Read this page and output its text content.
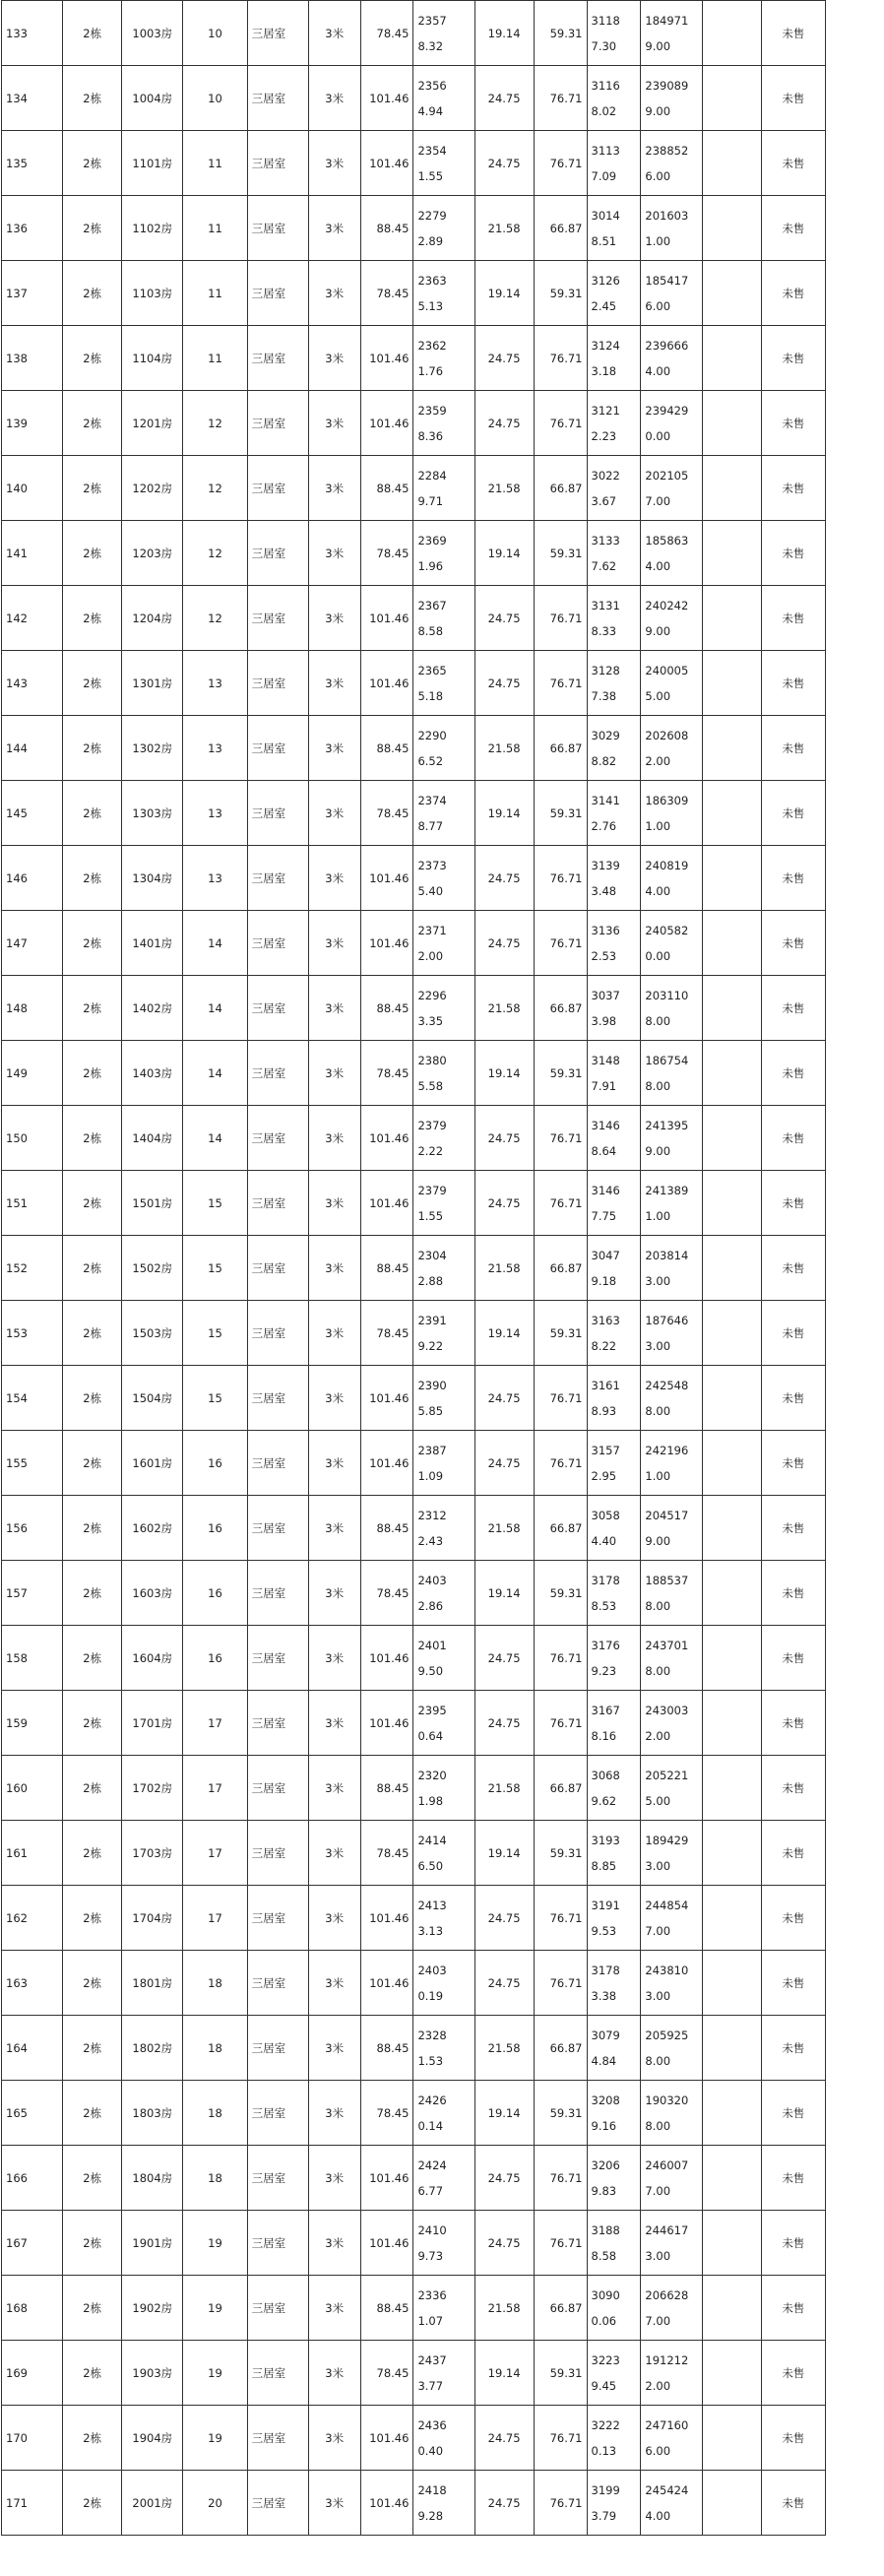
133	2栋	1003房	10	三居室	3米	78.45	23578.32	19.14	59.31	31187.30	1849719.00		未售

134	2栋	1004房	10	三居室	3米	101.46	23564.94	24.75	76.71	31168.02	2390899.00		未售

135	2栋	1101房	11	三居室	3米	101.46	23541.55	24.75	76.71	31137.09	2388526.00		未售

136	2栋	1102房	11	三居室	3米	88.45	22792.89	21.58	66.87	30148.51	2016031.00		未售

137	2栋	1103房	11	三居室	3米	78.45	23635.13	19.14	59.31	31262.45	1854176.00		未售

138	2栋	1104房	11	三居室	3米	101.46	23621.76	24.75	76.71	31243.18	2396664.00		未售

139	2栋	1201房	12	三居室	3米	101.46	23598.36	24.75	76.71	31212.23	2394290.00		未售

140	2栋	1202房	12	三居室	3米	88.45	22849.71	21.58	66.87	30223.67	2021057.00		未售

141	2栋	1203房	12	三居室	3米	78.45	23691.96	19.14	59.31	31337.62	1858634.00		未售

142	2栋	1204房	12	三居室	3米	101.46	23678.58	24.75	76.71	31318.33	2402429.00		未售

143	2栋	1301房	13	三居室	3米	101.46	23655.18	24.75	76.71	31287.38	2400055.00		未售

144	2栋	1302房	13	三居室	3米	88.45	22906.52	21.58	66.87	30298.82	2026082.00		未售

145	2栋	1303房	13	三居室	3米	78.45	23748.77	19.14	59.31	31412.76	1863091.00		未售

146	2栋	1304房	13	三居室	3米	101.46	23735.40	24.75	76.71	31393.48	2408194.00		未售

147	2栋	1401房	14	三居室	3米	101.46	23712.00	24.75	76.71	31362.53	2405820.00		未售

148	2栋	1402房	14	三居室	3米	88.45	22963.35	21.58	66.87	30373.98	2031108.00		未售

149	2栋	1403房	14	三居室	3米	78.45	23805.58	19.14	59.31	31487.91	1867548.00		未售

150	2栋	1404房	14	三居室	3米	101.46	23792.22	24.75	76.71	31468.64	2413959.00		未售

151	2栋	1501房	15	三居室	3米	101.46	23791.55	24.75	76.71	31467.75	2413891.00		未售

152	2栋	1502房	15	三居室	3米	88.45	23042.88	21.58	66.87	30479.18	2038143.00		未售

153	2栋	1503房	15	三居室	3米	78.45	23919.22	19.14	59.31	31638.22	1876463.00		未售

154	2栋	1504房	15	三居室	3米	101.46	23905.85	24.75	76.71	31618.93	2425488.00		未售

155	2栋	1601房	16	三居室	3米	101.46	23871.09	24.75	76.71	31572.95	2421961.00		未售

156	2栋	1602房	16	三居室	3米	88.45	23122.43	21.58	66.87	30584.40	2045179.00		未售

157	2栋	1603房	16	三居室	3米	78.45	24032.86	19.14	59.31	31788.53	1885378.00		未售

158	2栋	1604房	16	三居室	3米	101.46	24019.50	24.75	76.71	31769.23	2437018.00		未售

159	2栋	1701房	17	三居室	3米	101.46	23950.64	24.75	76.71	31678.16	2430032.00		未售

160	2栋	1702房	17	三居室	3米	88.45	23201.98	21.58	66.87	30689.62	2052215.00		未售

161	2栋	1703房	17	三居室	3米	78.45	24146.50	19.14	59.31	31938.85	1894293.00		未售

162	2栋	1704房	17	三居室	3米	101.46	24133.13	24.75	76.71	31919.53	2448547.00		未售

163	2栋	1801房	18	三居室	3米	101.46	24030.19	24.75	76.71	31783.38	2438103.00		未售

164	2栋	1802房	18	三居室	3米	88.45	23281.53	21.58	66.87	30794.84	2059258.00		未售

165	2栋	1803房	18	三居室	3米	78.45	24260.14	19.14	59.31	32089.16	1903208.00		未售

166	2栋	1804房	18	三居室	3米	101.46	24246.77	24.75	76.71	32069.83	2460077.00		未售

167	2栋	1901房	19	三居室	3米	101.46	24109.73	24.75	76.71	31888.58	2446173.00		未售

168	2栋	1902房	19	三居室	3米	88.45	23361.07	21.58	66.87	30900.06	2066287.00		未售

169	2栋	1903房	19	三居室	3米	78.45	24373.77	19.14	59.31	32239.45	1912122.00		未售

170	2栋	1904房	19	三居室	3米	101.46	24360.40	24.75	76.71	32220.13	2471606.00		未售

171	2栋	2001房	20	三居室	3米	101.46	24189.28	24.75	76.71	31993.79	2454244.00		未售
